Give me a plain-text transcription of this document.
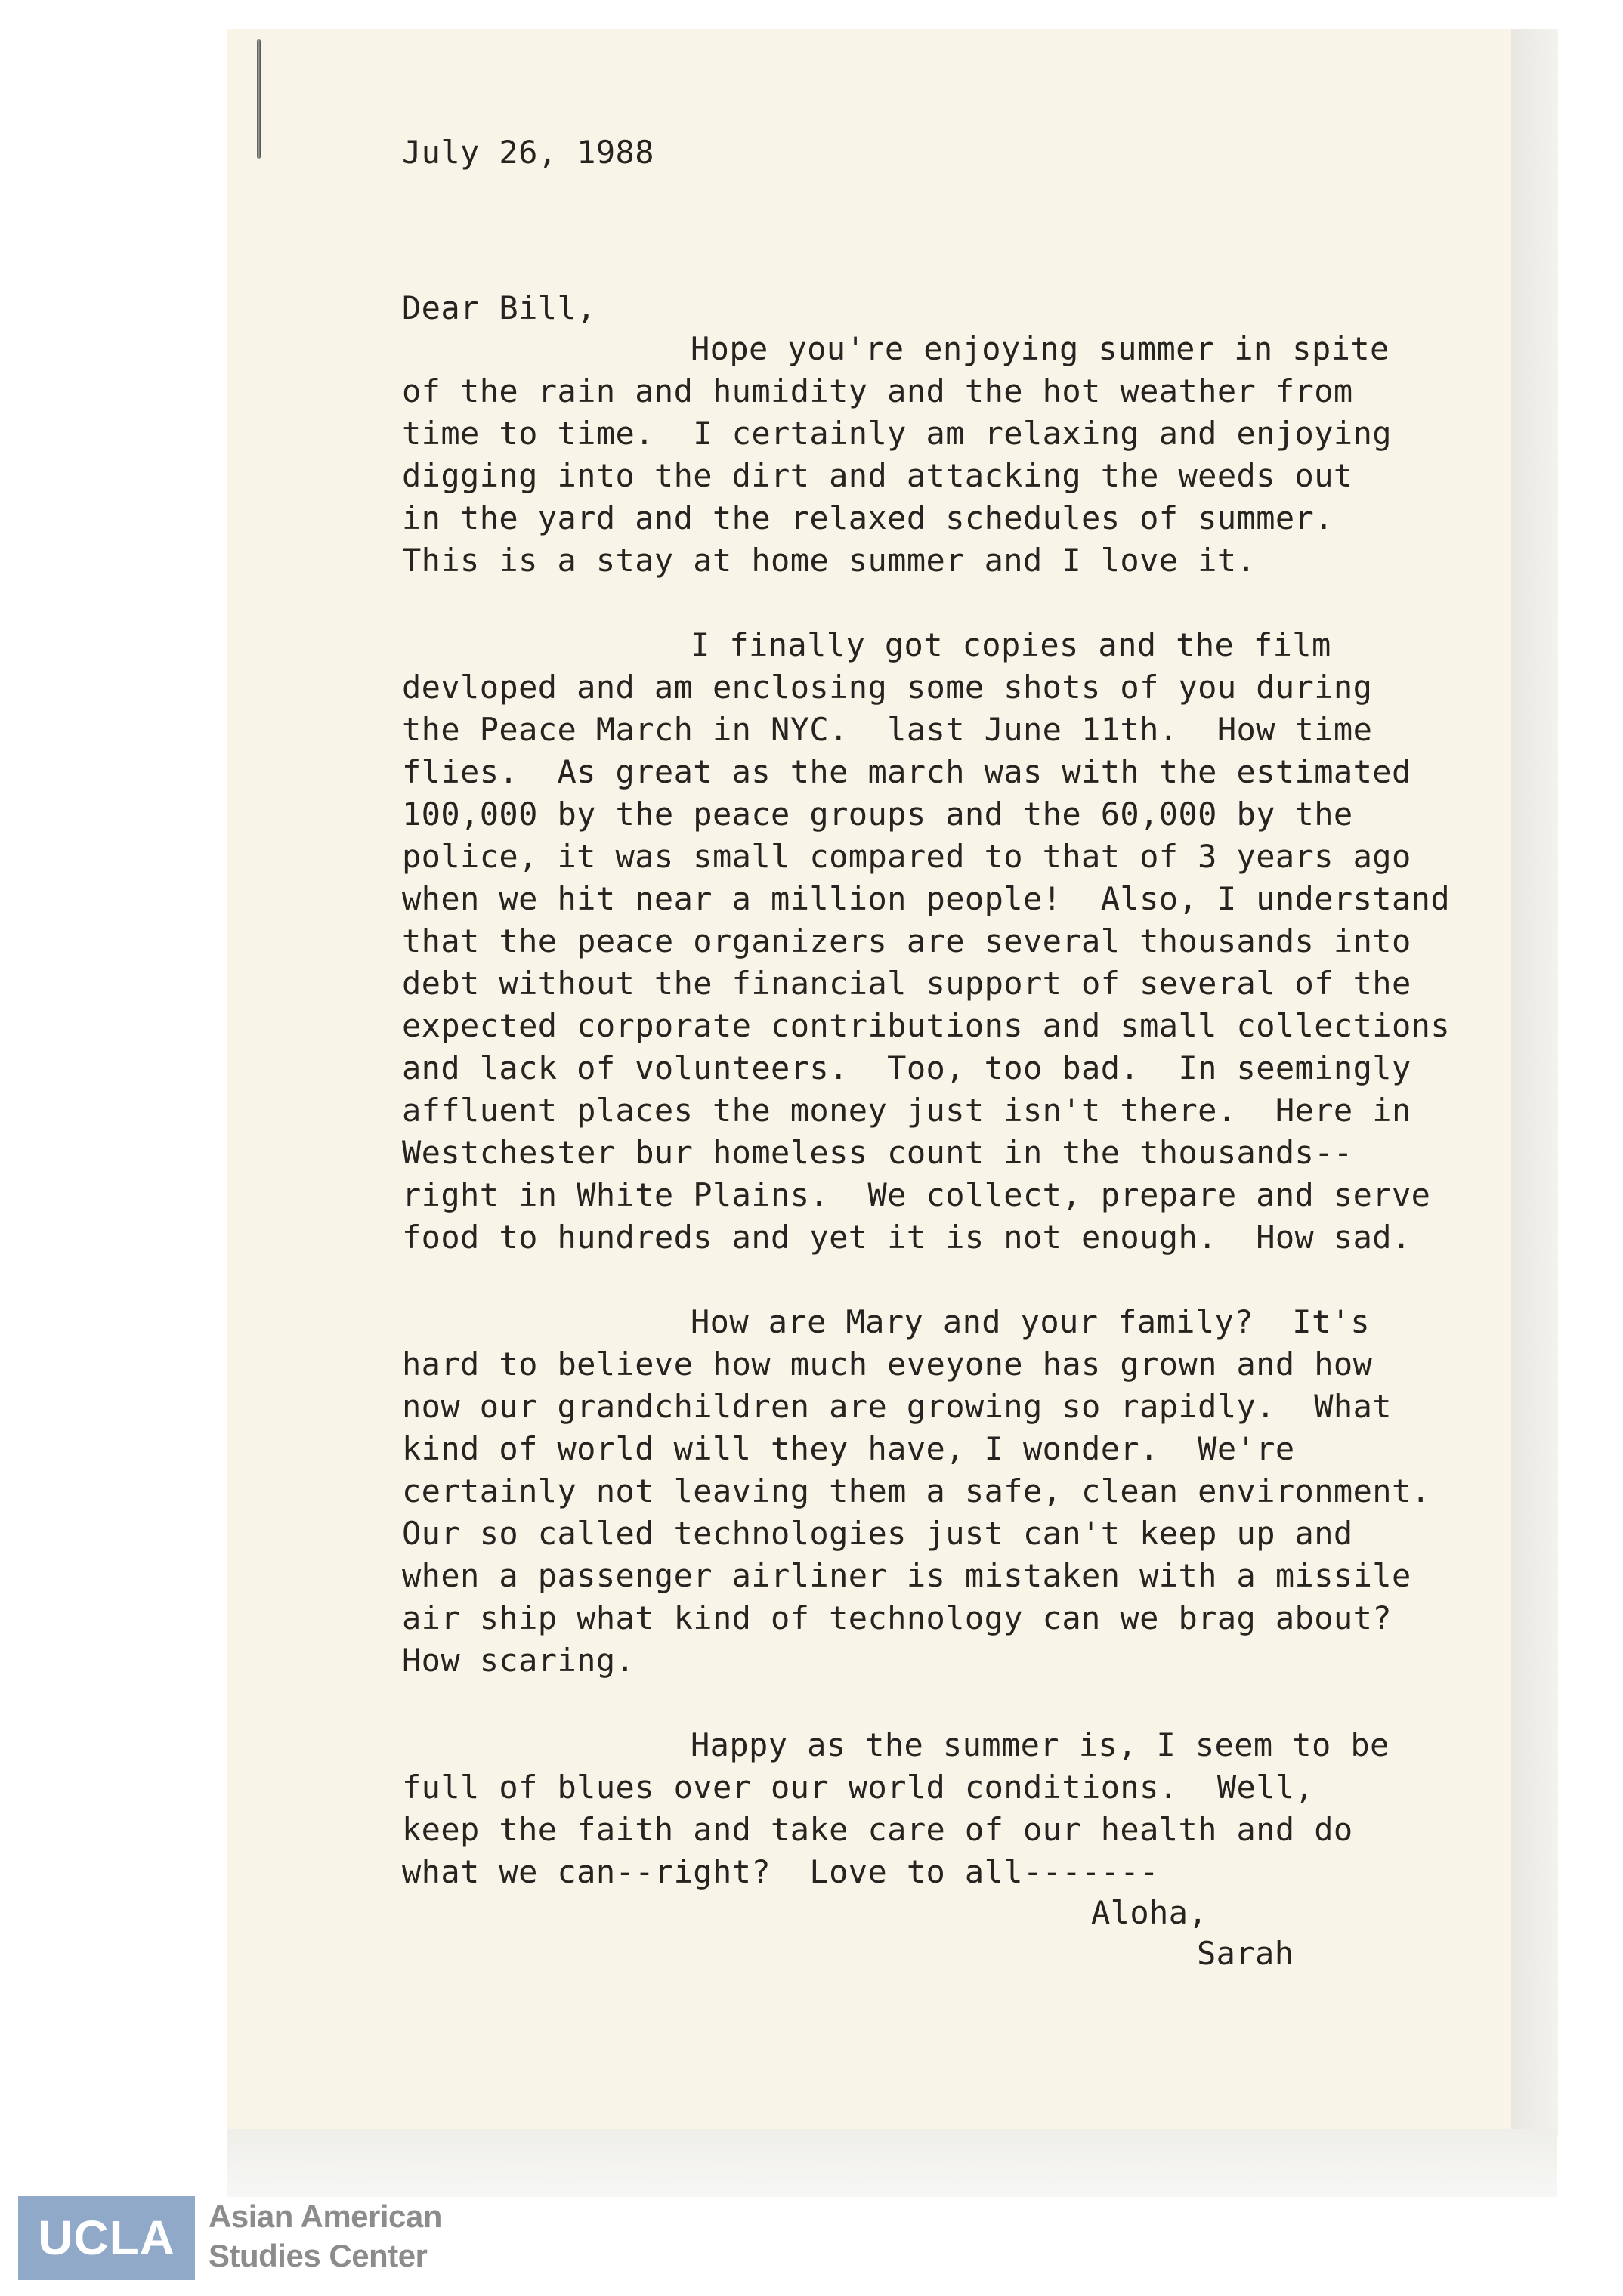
July 26, 1988
Dear Bill,
Hope you're enjoying summer in spite
of the rain and humidity and the hot weather from
time to time.  I certainly am relaxing and enjoying
digging into the dirt and attacking the weeds out
in the yard and the relaxed schedules of summer.
This is a stay at home summer and I love it.
I finally got copies and the film
devloped and am enclosing some shots of you during
the Peace March in NYC.  last June 11th.  How time
flies.  As great as the march was with the estimated
100,000 by the peace groups and the 60,000 by the
police, it was small compared to that of 3 years ago
when we hit near a million people!  Also, I understand
that the peace organizers are several thousands into
debt without the financial support of several of the
expected corporate contributions and small collections
and lack of volunteers.  Too, too bad.  In seemingly
affluent places the money just isn't there.  Here in
Westchester bur homeless count in the thousands--
right in White Plains.  We collect, prepare and serve
food to hundreds and yet it is not enough.  How sad.
How are Mary and your family?  It's
hard to believe how much eveyone has grown and how
now our grandchildren are growing so rapidly.  What
kind of world will they have, I wonder.  We're
certainly not leaving them a safe, clean environment.
Our so called technologies just can't keep up and
when a passenger airliner is mistaken with a missile
air ship what kind of technology can we brag about?
How scaring.
Happy as the summer is, I seem to be
full of blues over our world conditions.  Well,
keep the faith and take care of our health and do
what we can--right?  Love to all-------
Aloha,
Sarah
UCLA	Asian American
Studies Center
